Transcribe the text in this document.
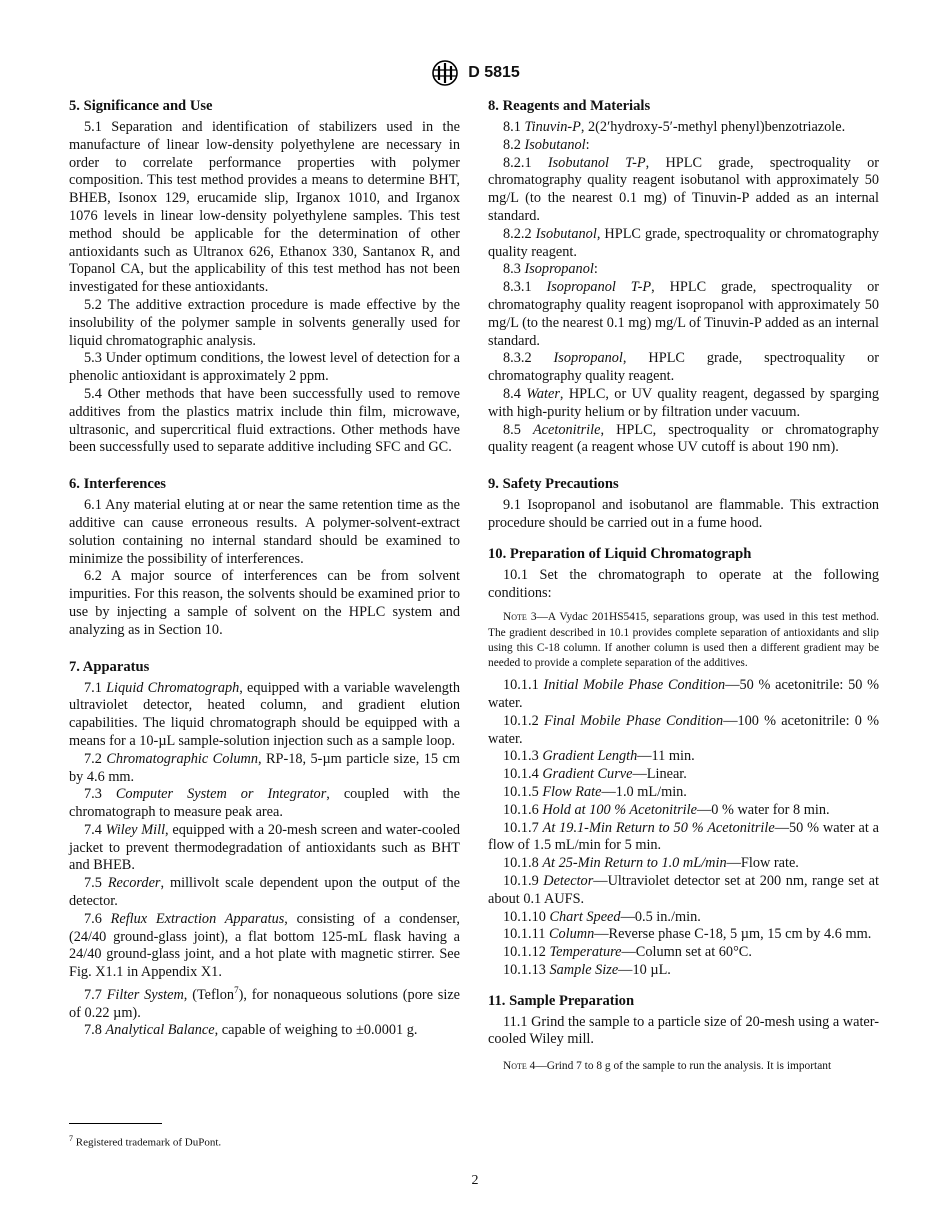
D 5815
5. Significance and Use

5.1 Separation and identification of stabilizers used in the manufacture of linear low-density polyethylene are necessary in order to correlate performance properties with polymer composition. This test method provides a means to determine BHT, BHEB, Isonox 129, erucamide slip, Irganox 1010, and Irganox 1076 levels in linear low-density polyethylene samples. This test method should be applicable for the determination of other antioxidants such as Ultranox 626, Ethanox 330, Santanox R, and Topanol CA, but the applicability of this test method has not been investigated for these antioxidants.

5.2 The additive extraction procedure is made effective by the insolubility of the polymer sample in solvents generally used for liquid chromatographic analysis.

5.3 Under optimum conditions, the lowest level of detection for a phenolic antioxidant is approximately 2 ppm.

5.4 Other methods that have been successfully used to remove additives from the plastics matrix include thin film, microwave, ultrasonic, and supercritical fluid extractions. Other methods have been successfully used to separate additive including SFC and GC.

6. Interferences

6.1 Any material eluting at or near the same retention time as the additive can cause erroneous results. A polymer-solvent-extract solution containing no internal standard should be examined to minimize the possibility of interferences.

6.2 A major source of interferences can be from solvent impurities. For this reason, the solvents should be examined prior to use by injecting a sample of solvent on the HPLC system and analyzing as in Section 10.

7. Apparatus

7.1 Liquid Chromatograph, equipped with a variable wavelength ultraviolet detector, heated column, and gradient elution capabilities. The liquid chromatograph should be equipped with a means for a 10-µL sample-solution injection such as a sample loop.

7.2 Chromatographic Column, RP-18, 5-µm particle size, 15 cm by 4.6 mm.

7.3 Computer System or Integrator, coupled with the chromatograph to measure peak area.

7.4 Wiley Mill, equipped with a 20-mesh screen and water-cooled jacket to prevent thermodegradation of antioxidants such as BHT and BHEB.

7.5 Recorder, millivolt scale dependent upon the output of the detector.

7.6 Reflux Extraction Apparatus, consisting of a condenser, (24/40 ground-glass joint), a flat bottom 125-mL flask having a 24/40 ground-glass joint, and a hot plate with magnetic stirrer. See Fig. X1.1 in Appendix X1.

7.7 Filter System, (Teflon$^7$), for nonaqueous solutions (pore size of 0.22 µm).

7.8 Analytical Balance, capable of weighing to ±0.0001 g.

8. Reagents and Materials

8.1 Tinuvin-P, 2(2′hydroxy-5′-methyl phenyl)benzotriazole.

8.2 Isobutanol:

8.2.1 Isobutanol T-P, HPLC grade, spectroquality or chromatography quality reagent isobutanol with approximately 50 mg/L (to the nearest 0.1 mg) of Tinuvin-P added as an internal standard.

8.2.2 Isobutanol, HPLC grade, spectroquality or chromatography quality reagent.

8.3 Isopropanol:

8.3.1 Isopropanol T-P, HPLC grade, spectroquality or chromatography quality reagent isopropanol with approximately 50 mg/L (to the nearest 0.1 mg) mg/L of Tinuvin-P added as an internal standard.

8.3.2 Isopropanol, HPLC grade, spectroquality or chromatography quality reagent.

8.4 Water, HPLC, or UV quality reagent, degassed by sparging with high-purity helium or by filtration under vacuum.

8.5 Acetonitrile, HPLC, spectroquality or chromatography quality reagent (a reagent whose UV cutoff is about 190 nm).

9. Safety Precautions

9.1 Isopropanol and isobutanol are flammable. This extraction procedure should be carried out in a fume hood.

10. Preparation of Liquid Chromatograph

10.1 Set the chromatograph to operate at the following conditions:

Note 3—A Vydac 201HS5415, separations group, was used in this test method. The gradient described in 10.1 provides complete separation of antioxidants and slip using this C-18 column. If another column is used then a different gradient may be needed to provide a complete separation of the additives.

10.1.1 Initial Mobile Phase Condition—50 % acetonitrile: 50 % water.

10.1.2 Final Mobile Phase Condition—100 % acetonitrile: 0 % water.

10.1.3 Gradient Length—11 min.

10.1.4 Gradient Curve—Linear.

10.1.5 Flow Rate—1.0 mL/min.

10.1.6 Hold at 100 % Acetonitrile—0 % water for 8 min.

10.1.7 At 19.1-Min Return to 50 % Acetonitrile—50 % water at a flow of 1.5 mL/min for 5 min.

10.1.8 At 25-Min Return to 1.0 mL/min—Flow rate.

10.1.9 Detector—Ultraviolet detector set at 200 nm, range set at about 0.1 AUFS.

10.1.10 Chart Speed—0.5 in./min.

10.1.11 Column—Reverse phase C-18, 5 µm, 15 cm by 4.6 mm.

10.1.12 Temperature—Column set at 60°C.

10.1.13 Sample Size—10 µL.

11. Sample Preparation

11.1 Grind the sample to a particle size of 20-mesh using a water-cooled Wiley mill.

Note 4—Grind 7 to 8 g of the sample to run the analysis. It is important
$^7$ Registered trademark of DuPont.
2
